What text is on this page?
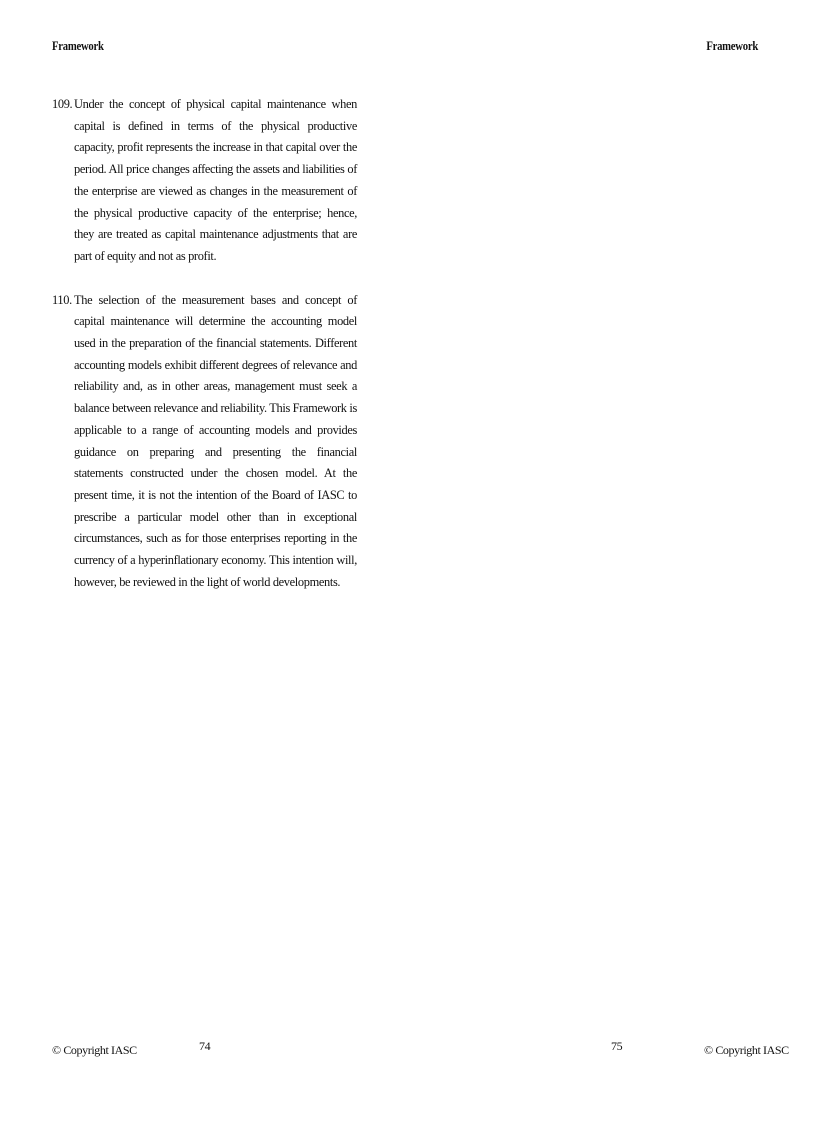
Framework	Framework
109. Under the concept of physical capital maintenance when capital is defined in terms of the physical productive capacity, profit represents the increase in that capital over the period. All price changes affecting the assets and liabilities of the enterprise are viewed as changes in the measurement of the physical productive capacity of the enterprise; hence, they are treated as capital maintenance adjustments that are part of equity and not as profit.
110. The selection of the measurement bases and concept of capital maintenance will determine the accounting model used in the preparation of the financial statements. Different accounting models exhibit different degrees of relevance and reliability and, as in other areas, management must seek a balance between relevance and reliability. This Framework is applicable to a range of accounting models and provides guidance on preparing and presenting the financial statements constructed under the chosen model. At the present time, it is not the intention of the Board of IASC to prescribe a particular model other than in exceptional circumstances, such as for those enterprises reporting in the currency of a hyperinflationary economy. This intention will, however, be reviewed in the light of world developments.
© Copyright IASC	74	75	© Copyright IASC
